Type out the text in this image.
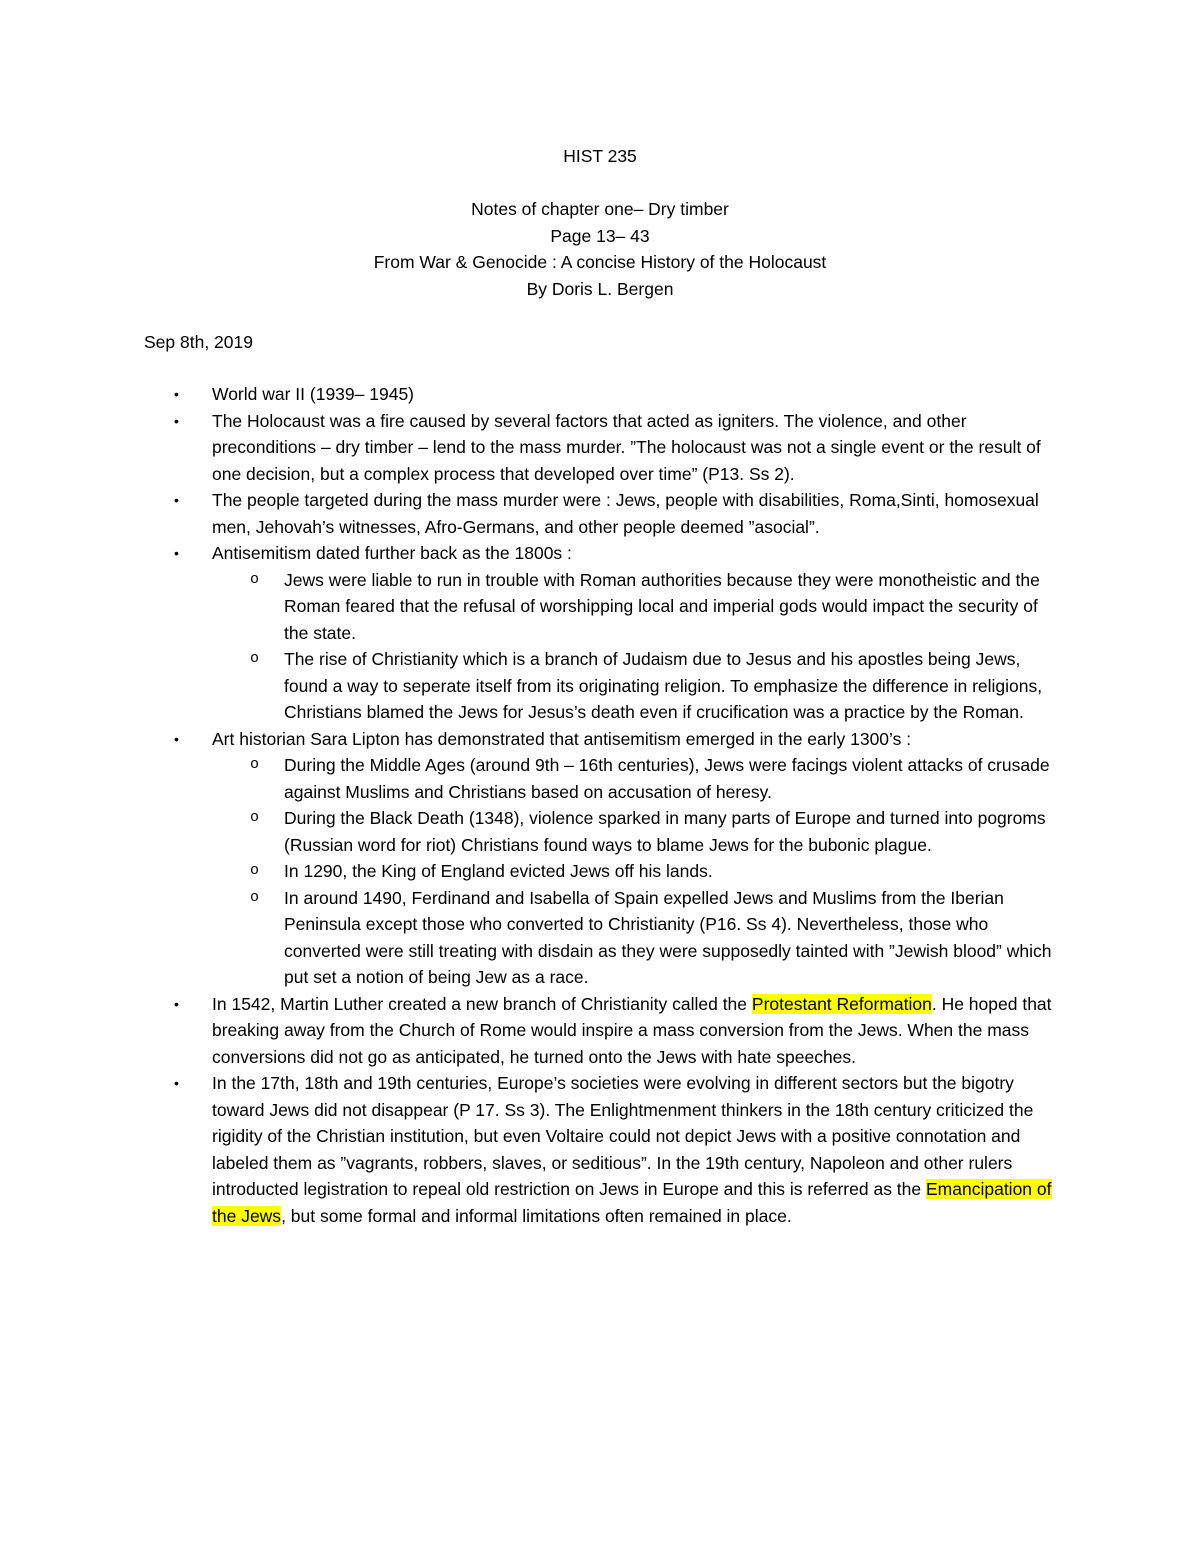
HIST 235
Notes of chapter one– Dry timber
Page 13– 43
From War & Genocide : A concise History of the Holocaust
By Doris L. Bergen
Sep 8th, 2019
• World war II (1939– 1945)
• The Holocaust was a fire caused by several factors that acted as igniters. The violence, and other preconditions – dry timber – lend to the mass murder. ”The holocaust was not a single event or the result of one decision, but a complex process that developed over time” (P13. Ss 2).
• The people targeted during the mass murder were : Jews, people with disabilities, Roma,Sinti, homosexual men, Jehovah’s witnesses, Afro-Germans, and other people deemed ”asocial”.
• Antisemitism dated further back as the 1800s :
o Jews were liable to run in trouble with Roman authorities because they were monotheistic and the Roman feared that the refusal of worshipping local and imperial gods would impact the security of the state.
o The rise of Christianity which is a branch of Judaism due to Jesus and his apostles being Jews, found a way to seperate itself from its originating religion. To emphasize the difference in religions, Christians blamed the Jews for Jesus’s death even if crucification was a practice by the Roman.
• Art historian Sara Lipton has demonstrated that antisemitism emerged in the early 1300’s :
o During the Middle Ages (around 9th – 16th centuries), Jews were facings violent attacks of crusade against Muslims and Christians based on accusation of heresy.
o During the Black Death (1348), violence sparked in many parts of Europe and turned into pogroms (Russian word for riot) Christians found ways to blame Jews for the bubonic plague.
o In 1290, the King of England evicted Jews off his lands.
o In around 1490, Ferdinand and Isabella of Spain expelled Jews and Muslims from the Iberian Peninsula except those who converted to Christianity (P16. Ss 4). Nevertheless, those who converted were still treating with disdain as they were supposedly tainted with ”Jewish blood” which put set a notion of being Jew as a race.
• In 1542, Martin Luther created a new branch of Christianity called the Protestant Reformation. He hoped that breaking away from the Church of Rome would inspire a mass conversion from the Jews. When the mass conversions did not go as anticipated, he turned onto the Jews with hate speeches.
• In the 17th, 18th and 19th centuries, Europe’s societies were evolving in different sectors but the bigotry toward Jews did not disappear (P 17. Ss 3). The Enlightmenment thinkers in the 18th century criticized the rigidity of the Christian institution, but even Voltaire could not depict Jews with a positive connotation and labeled them as ”vagrants, robbers, slaves, or seditious”. In the 19th century, Napoleon and other rulers introducted legistration to repeal old restriction on Jews in Europe and this is referred as the Emancipation of the Jews, but some formal and informal limitations often remained in place.
